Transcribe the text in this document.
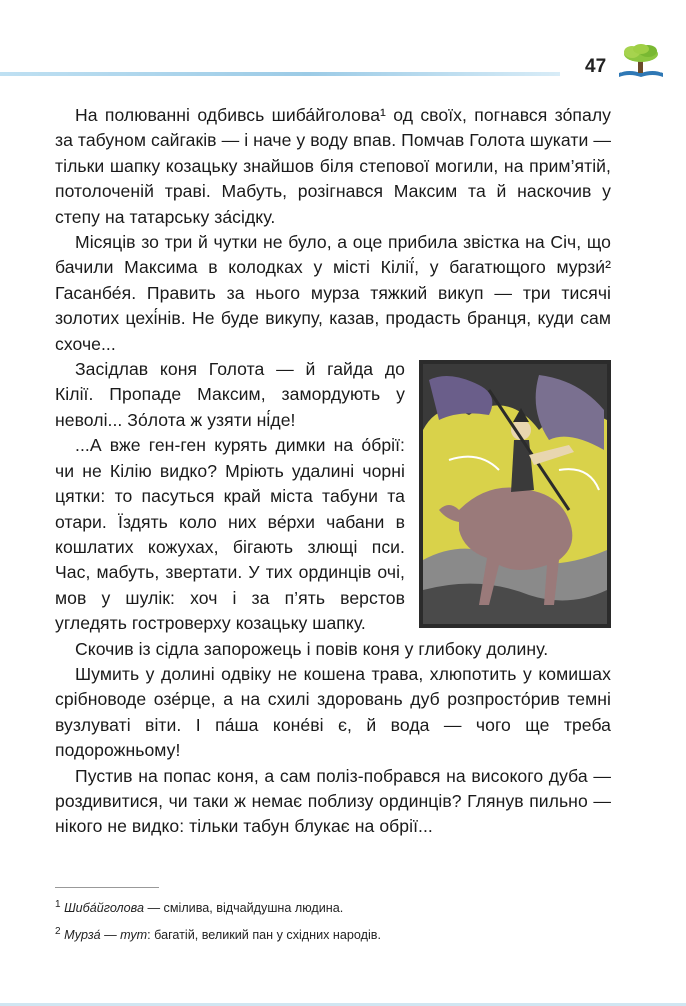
47

На полюванні одбивсь шиба́йголова¹ од своїх, погнався зо́палу за табуном сайгаків — і наче у воду впав. Помчав Голота шукати — тільки шапку козацьку знайшов біля степової могили, на прим’ятій, потолоченій траві. Мабуть, розігнався Максим та й наскочив у степу на татарську за́сідку.

Місяців зо три й чутки не було, а оце прибила звістка на Січ, що бачили Максима в колодках у місті Кілії́, у багатющого мурзи́² Гасанбе́я. Править за нього мурза тяжкий викуп — три тисячі золотих цехі́нів. Не буде викупу, казав, продасть бранця, куди сам схоче...

Засідлав коня Голота — й гайда до Кілії. Пропаде Максим, замордують у неволі... Зо́лота ж узяти ні́де!

...А вже ген-ген курять димки на о́брії: чи не Кілію видко? Мріють удалині чорні цятки: то пасуться край міста табуни та отари. Їздять коло них ве́рхи чабани в кошлатих кожухах, бігають злющі пси. Час, мабуть, звертати. У тих ординців очі, мов у шулік: хоч і за п’ять верстов угледять гостроверху козацьку шапку.

Скочив із сідла запорожець і повів коня у глибоку долину.

Шумить у долині одвіку не кошена трава, хлюпотить у комишах срібноводе озе́рце, а на схилі здоровань дуб розпросто́рив темні вузлуваті віти. І па́ша коне́ві є, й вода — чого ще треба подорожньому!

Пустив на попас коня, а сам поліз-побрався на високого дуба — роздивитися, чи таки ж немає поблизу ординців? Глянув пильно — нікого не видко: тільки табун блукає на обрії...

$^1$ Шиба́йголова — смілива, відчайдушна людина.
$^2$ Мурза́ — тут: багатій, великий пан у східних народів.
